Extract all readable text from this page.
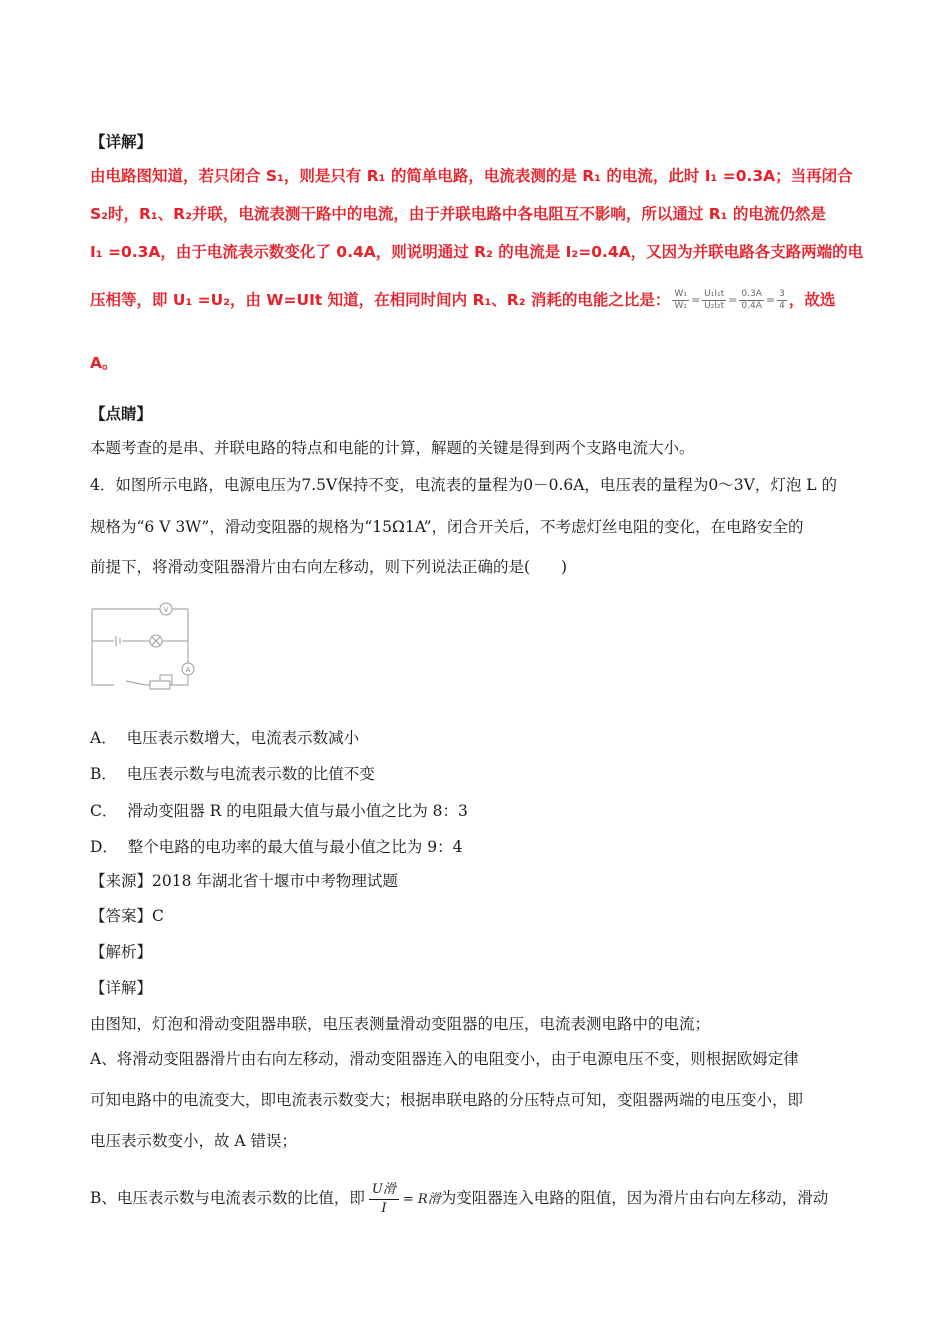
【详解】
由电路图知道，若只闭合 S₁，则是只有 R₁ 的简单电路，电流表测的是 R₁ 的电流，此时 I₁ =0.3A；当再闭合
S₂时，R₁、R₂并联，电流表测干路中的电流，由于并联电路中各电阻互不影响，所以通过 R₁ 的电流仍然是
I₁ =0.3A，由于电流表示数变化了 0.4A，则说明通过 R₂ 的电流是 I₂=0.4A，又因为并联电路各支路两端的电
压相等，即 U₁ =U₂，由 W=UIt 知道，在相同时间内 R₁、R₂ 消耗的电能之比是： $\frac{\text{W₁}}{\text{W₂}} = \frac{\text{U₁I₁t}}{\text{U₂I₂t}} = \frac{0.3A}{0.4A} = \frac{3}{4}$ ，故选
A。
【点睛】
本题考查的是串、并联电路的特点和电能的计算，解题的关键是得到两个支路电流大小。
4．如图所示电路，电源电压为7.5V保持不变，电流表的量程为0－0.6A，电压表的量程为0～3V，灯泡 L 的
规格为“6 V 3W”，滑动变阻器的规格为“15Ω1A”，闭合开关后，不考虑灯丝电阻的变化，在电路安全的
前提下，将滑动变阻器滑片由右向左移动，则下列说法正确的是(　　)
V
A
A． 电压表示数增大，电流表示数减小
B． 电压表示数与电流表示数的比值不变
C． 滑动变阻器 R 的电阻最大值与最小值之比为 8：3
D． 整个电路的电功率的最大值与最小值之比为 9：4
【来源】2018 年湖北省十堰市中考物理试题
【答案】C
【解析】
【详解】
由图知，灯泡和滑动变阻器串联，电压表测量滑动变阻器的电压，电流表测电路中的电流；
A、将滑动变阻器滑片由右向左移动，滑动变阻器连入的电阻变小，由于电源电压不变，则根据欧姆定律
可知电路中的电流变大，即电流表示数变大；根据串联电路的分压特点可知，变阻器两端的电压变小，即
电压表示数变小，故 A 错误；
B、电压表示数与电流表示数的比值，即 $\frac{\text{U滑}}{I} = R$滑为变阻器连入电路的阻值，因为滑片由右向左移动，滑动
